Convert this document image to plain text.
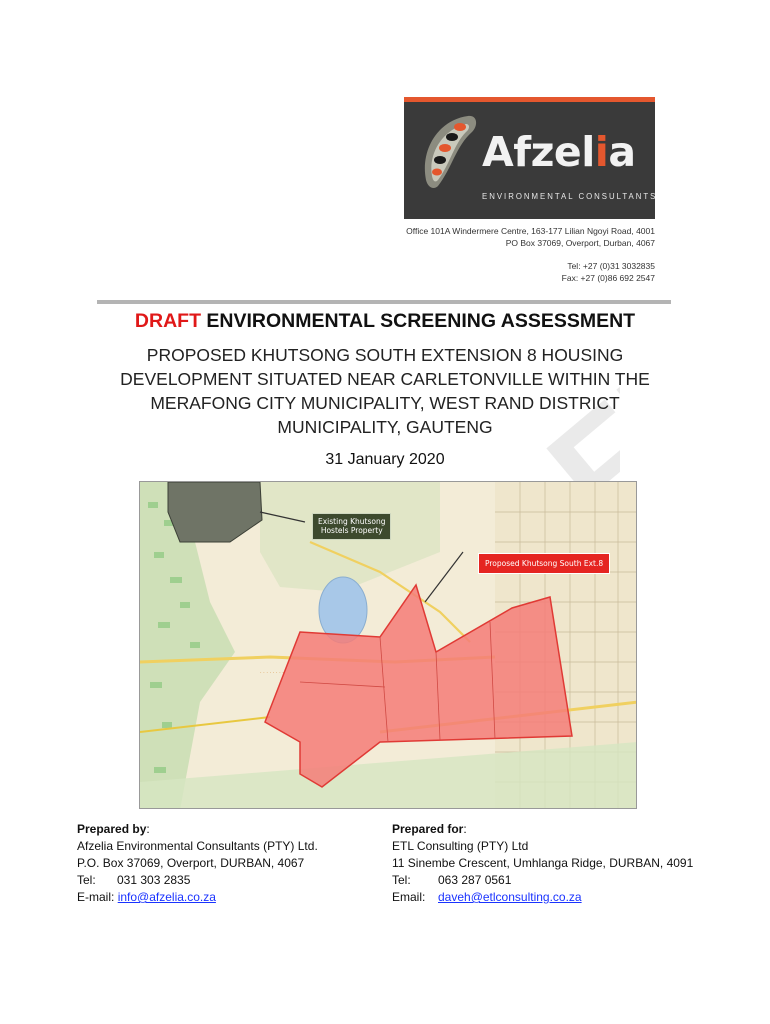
Afzelia
ENVIRONMENTAL CONSULTANTS
Office 101A Windermere Centre, 163-177 Lilian Ngoyi Road, 4001
PO Box 37069, Overport, Durban, 4067
Tel: +27 (0)31 3032835
Fax: +27 (0)86 692 2547
DRAFT ENVIRONMENTAL SCREENING ASSESSMENT
PROPOSED KHUTSONG SOUTH EXTENSION 8 HOUSING
DEVELOPMENT SITUATED NEAR CARLETONVILLE WITHIN THE
MERAFONG CITY MUNICIPALITY, WEST RAND DISTRICT
MUNICIPALITY, GAUTENG
31 January 2020
· · · · · · · ·
Existing Khutsong
Hostels Property
Proposed Khutsong South Ext.8
Prepared by:
Afzelia Environmental Consultants (PTY) Ltd.
P.O. Box 37069, Overport, DURBAN, 4067
Tel: 031 303 2835
E-mail: info@afzelia.co.za
Prepared for:
ETL Consulting (PTY) Ltd
11 Sinembe Crescent, Umhlanga Ridge, DURBAN, 4091
Tel: 063 287 0561
Email: daveh@etlconsulting.co.za
